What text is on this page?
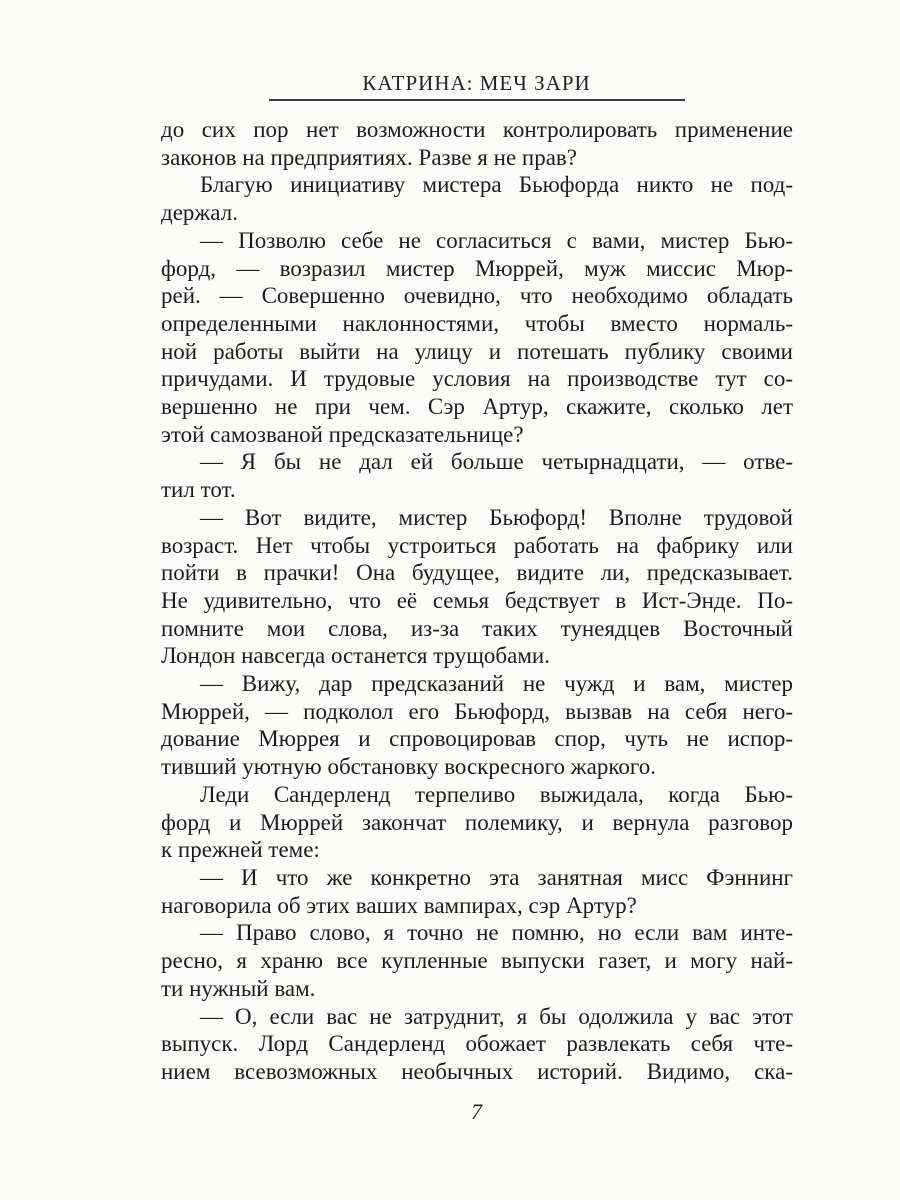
КАТРИНА: МЕЧ ЗАРИ
до сих пор нет возможности контролировать применение
законов на предприятиях. Разве я не прав?
Благую инициативу мистера Бьюфорда никто не под-
держал.
— Позволю себе не согласиться с вами, мистер Бью-
форд, — возразил мистер Мюррей, муж миссис Мюр-
рей. — Совершенно очевидно, что необходимо обладать
определенными наклонностями, чтобы вместо нормаль-
ной работы выйти на улицу и потешать публику своими
причудами. И трудовые условия на производстве тут со-
вершенно не при чем. Сэр Артур, скажите, сколько лет
этой самозваной предсказательнице?
— Я бы не дал ей больше четырнадцати, — отве-
тил тот.
— Вот видите, мистер Бьюфорд! Вполне трудовой
возраст. Нет чтобы устроиться работать на фабрику или
пойти в прачки! Она будущее, видите ли, предсказывает.
Не удивительно, что её семья бедствует в Ист-Энде. По-
помните мои слова, из-за таких тунеядцев Восточный
Лондон навсегда останется трущобами.
— Вижу, дар предсказаний не чужд и вам, мистер
Мюррей, — подколол его Бьюфорд, вызвав на себя него-
дование Мюррея и спровоцировав спор, чуть не испор-
тивший уютную обстановку воскресного жаркого.
Леди Сандерленд терпеливо выжидала, когда Бью-
форд и Мюррей закончат полемику, и вернула разговор
к прежней теме:
— И что же конкретно эта занятная мисс Фэннинг
наговорила об этих ваших вампирах, сэр Артур?
— Право слово, я точно не помню, но если вам инте-
ресно, я храню все купленные выпуски газет, и могу най-
ти нужный вам.
— О, если вас не затруднит, я бы одолжила у вас этот
выпуск. Лорд Сандерленд обожает развлекать себя чте-
нием всевозможных необычных историй. Видимо, ска-
7
